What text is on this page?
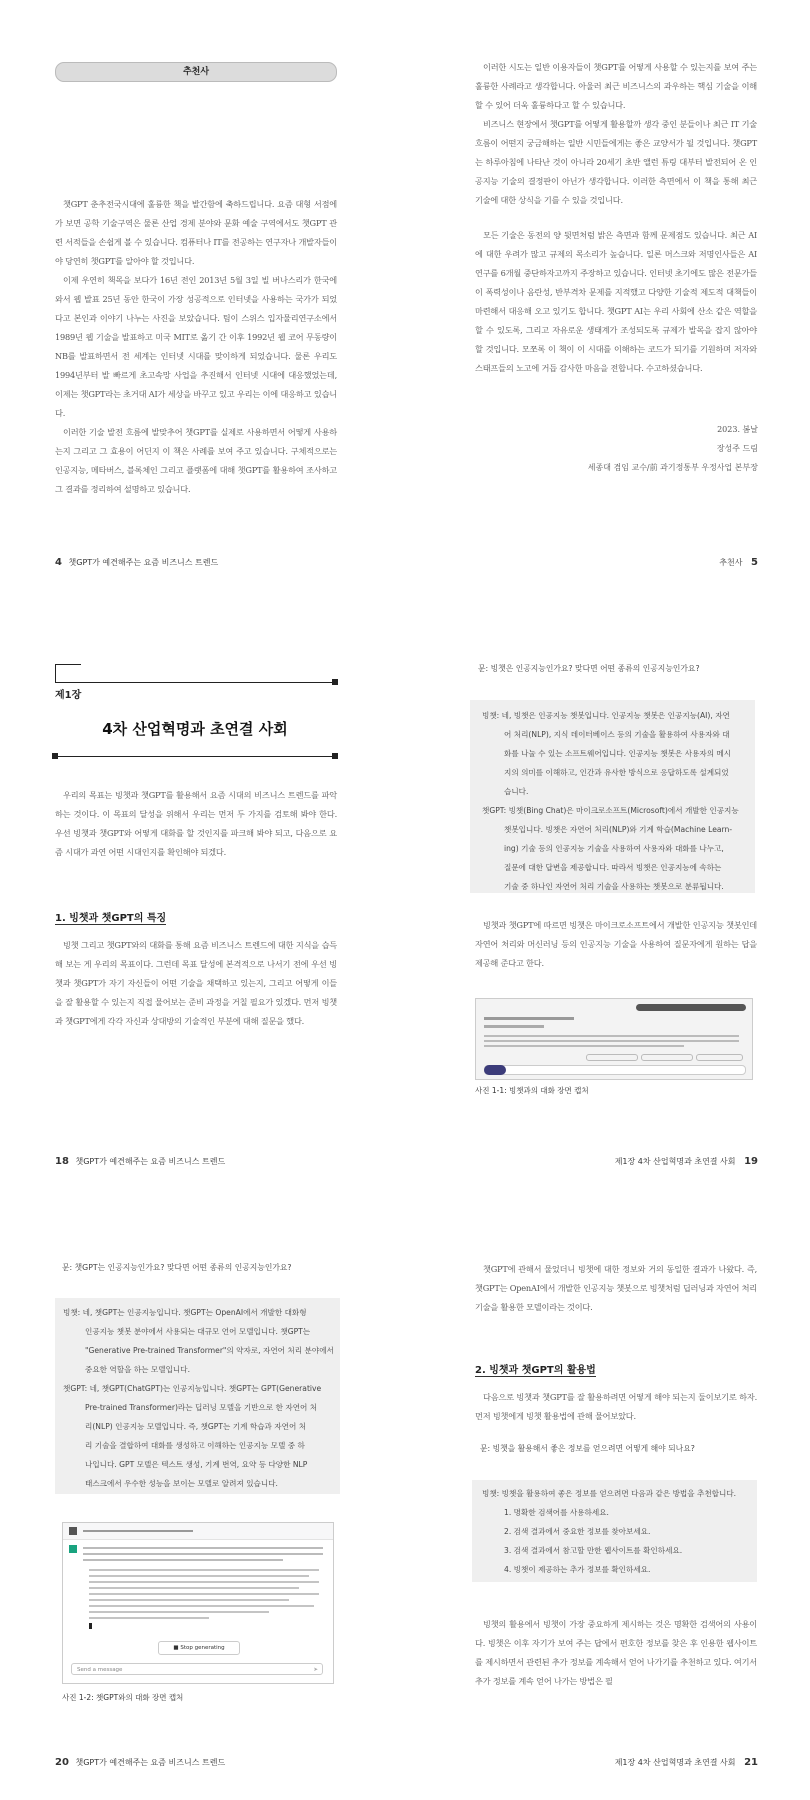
추천사

챗GPT 춘추전국시대에 훌륭한 책을 발간함에 축하드립니다. 요즘 대형 서점에 가 보면 공학 기술구역은 물론 산업 경제 분야와 문화 예술 구역에서도 챗GPT 관련 서적들을 손쉽게 볼 수 있습니다. 컴퓨터나 IT를 전공하는 연구자나 개발자들이야 당연히 챗GPT를 알아야 할 것입니다.

이제 우연히 책목을 보다가 16년 전인 2013년 5월 3일 빌 버나스리가 한국에 와서 웹 발표 25년 동안 한국이 가장 성공적으로 인터넷을 사용하는 국가가 되었다고 본인과 이야기 나누는 사진을 보았습니다. 팀이 스위스 입자물리연구소에서 1989년 웹 기술을 발표하고 미국 MIT로 옮기 간 이후 1992년 웹 코어 무동량이 NB를 발표하면서 전 세계는 인터넷 시대를 맞이하게 되었습니다. 물론 우리도 1994년부터 발 빠르게 초고속망 사업을 추진해서 인터넷 시대에 대응했었는데, 이제는 챗GPT라는 초거대 AI가 세상을 바꾸고 있고 우리는 이에 대응하고 있습니다.

이러한 기술 발전 흐름에 발맞추어 챗GPT를 실제로 사용하면서 어떻게 사용하는지 그리고 그 효용이 어딘지 이 책은 사례를 보여 주고 있습니다. 구체적으로는 인공지능, 메타버스, 블록체인 그리고 플랫폼에 대해 챗GPT를 활용하여 조사하고 그 결과를 정리하여 설명하고 있습니다.

4 챗GPT가 예견해주는 요즘 비즈니스 트렌드

이러한 시도는 일반 이용자들이 챗GPT를 어떻게 사용할 수 있는지를 보여 주는 훌륭한 사례라고 생각합니다. 아울러 최근 비즈니스의 과우하는 핵심 기술을 이해할 수 있어 더욱 훌륭하다고 할 수 있습니다.

비즈니스 현장에서 챗GPT를 어떻게 활용할까 생각 중인 분들이나 최근 IT 기술 흐름이 어떤지 궁금해하는 일반 시민들에게는 좋은 교양서가 될 것입니다. 챗GPT는 하루아침에 나타난 것이 아니라 20세기 초반 앨런 튜링 대부터 발전되어 온 인공지능 기술의 결정판이 아닌가 생각합니다. 이러한 측면에서 이 책을 통해 최근 기술에 대한 상식을 기를 수 있을 것입니다.

모든 기술은 동전의 양 뒷면처럼 밝은 측면과 함께 문제점도 있습니다. 최근 AI에 대한 우려가 많고 규제의 목소리가 높습니다. 일론 머스크와 저명인사들은 AI 연구를 6개월 중단하자고까지 주장하고 있습니다. 인터넷 초기에도 많은 전문가들이 폭력성이나 음란성, 반부격차 문제를 지적했고 다양한 기술적 제도적 대책들이 마련해서 대응해 오고 있기도 합니다. 챗GPT AI는 우리 사회에 산소 같은 역할을 할 수 있도록, 그리고 자유로운 생태계가 조성되도록 규제가 발목을 잡지 않아야 할 것입니다. 모쪼록 이 책이 이 시대를 이해하는 코드가 되기를 기원하며 저자와 스태프들의 노고에 거듭 감사한 마음을 전합니다. 수고하셨습니다.

2023. 봄날
장성주 드림
세종대 겸임 교수/前 과기정통부 우정사업 본부장
추천사 5
제1장
4차 산업혁명과 초연결 사회

우리의 목표는 빙챗과 챗GPT를 활용해서 요즘 시대의 비즈니스 트렌드를 파악하는 것이다. 이 목표의 달성을 위해서 우리는 먼저 두 가지를 검토해 봐야 한다. 우선 빙챗과 챗GPT와 어떻게 대화를 할 것인지를 파크해 봐야 되고, 다음으로 요즘 시대가 과연 어떤 시대인지를 확인해야 되겠다.

1. 빙챗과 챗GPT의 특징

빙챗 그리고 챗GPT와의 대화를 통해 요즘 비즈니스 트렌드에 대한 지식을 습득해 보는 게 우리의 목표이다. 그런데 목표 달성에 본격적으로 나서기 전에 우선 빙챗과 챗GPT가 자기 자신들이 어떤 기술을 채택하고 있는지, 그리고 어떻게 이들을 잘 활용할 수 있는지 직접 물어보는 준비 과정을 거칠 필요가 있겠다. 먼저 빙챗과 챗GPT에게 각각 자신과 상대방의 기술적인 부분에 대해 질문을 했다.

18 챗GPT가 예견해주는 요즘 비즈니스 트렌드
문: 빙챗은 인공지능인가요? 맞다면 어떤 종류의 인공지능인가요?
빙챗: 네, 빙챗은 인공지능 챗봇입니다. 인공지능 챗봇은 인공지능(AI), 자연
어 처리(NLP), 지식 데이터베이스 등의 기술을 활용하여 사용자와 대
화를 나눌 수 있는 소프트웨어입니다. 인공지능 챗봇은 사용자의 메시
지의 의미를 이해하고, 인간과 유사한 방식으로 응답하도록 설계되었
습니다.
챗GPT: 빙챗(Bing Chat)은 마이크로소프트(Microsoft)에서 개발한 인공지능
챗봇입니다. 빙챗은 자연어 처리(NLP)와 기계 학습(Machine Learn-
ing) 기술 등의 인공지능 기술을 사용하여 사용자와 대화를 나누고,
질문에 대한 답변을 제공합니다. 따라서 빙챗은 인공지능에 속하는
기술 중 하나인 자연어 처리 기술을 사용하는 챗봇으로 분류됩니다.

빙챗과 챗GPT에 따르면 빙챗은 마이크로소프트에서 개발한 인공지능 챗봇인데 자연어 처리와 머신러닝 등의 인공지능 기술을 사용하여 질문자에게 원하는 답을 제공해 준다고 한다.

사진 1-1: 빙챗과의 대화 장면 캡처
제1장 4차 산업혁명과 초연결 사회 19
문: 챗GPT는 인공지능인가요? 맞다면 어떤 종류의 인공지능인가요?
빙챗: 네, 챗GPT는 인공지능입니다. 챗GPT는 OpenAI에서 개발한 대화형
인공지능 챗봇 분야에서 사용되는 대규모 언어 모델입니다. 챗GPT는
"Generative Pre-trained Transformer"의 약자로, 자연어 처리 분야에서
중요한 역할을 하는 모델입니다.
챗GPT: 네, 챗GPT(ChatGPT)는 인공지능입니다. 챗GPT는 GPT(Generative
Pre-trained Transformer)라는 딥러닝 모델을 기반으로 한 자연어 처
리(NLP) 인공지능 모델입니다. 즉, 챗GPT는 기계 학습과 자연어 처
리 기술을 결합하여 대화를 생성하고 이해하는 인공지능 모델 중 하
나입니다. GPT 모델은 텍스트 생성, 기계 번역, 요약 등 다양한 NLP
태스크에서 우수한 성능을 보이는 모델로 알려져 있습니다.
■ Stop generating
Send a message	➤
사진 1-2: 챗GPT와의 대화 장면 캡처
20 챗GPT가 예견해주는 요즘 비즈니스 트렌드

챗GPT에 관해서 물었더니 빙챗에 대한 정보와 거의 동일한 결과가 나왔다. 즉, 챗GPT는 OpenAI에서 개발한 인공지능 챗봇으로 빙챗처럼 딥러닝과 자연어 처리 기술을 활용한 모델이라는 것이다.

2. 빙챗과 챗GPT의 활용법

다음으로 빙챗과 챗GPT를 잘 활용하려면 어떻게 해야 되는지 둘이보기로 하자. 먼저 빙챗에게 빙챗 활용법에 관해 물어보았다.

문: 빙챗을 활용해서 좋은 정보를 얻으려면 어떻게 해야 되나요?
빙챗: 빙챗을 활용하여 좋은 정보를 얻으려면 다음과 같은 방법을 추천합니다.
1. 명확한 검색어를 사용하세요.
2. 검색 결과에서 중요한 정보를 찾아보세요.
3. 검색 결과에서 참고할 만한 웹사이트를 확인하세요.
4. 빙챗이 제공하는 추가 정보를 확인하세요.

빙챗의 활용에서 빙챗이 가장 중요하게 제시하는 것은 명확한 검색어의 사용이다. 빙챗은 이후 자기가 보여 주는 답에서 편호한 정보를 찾은 후 인용한 웹사이트를 제시하면서 관련된 추가 정보를 계속해서 얻어 나가기를 추천하고 있다. 여기서 추가 정보를 계속 얻어 나가는 방법은 필

제1장 4차 산업혁명과 초연결 사회 21
